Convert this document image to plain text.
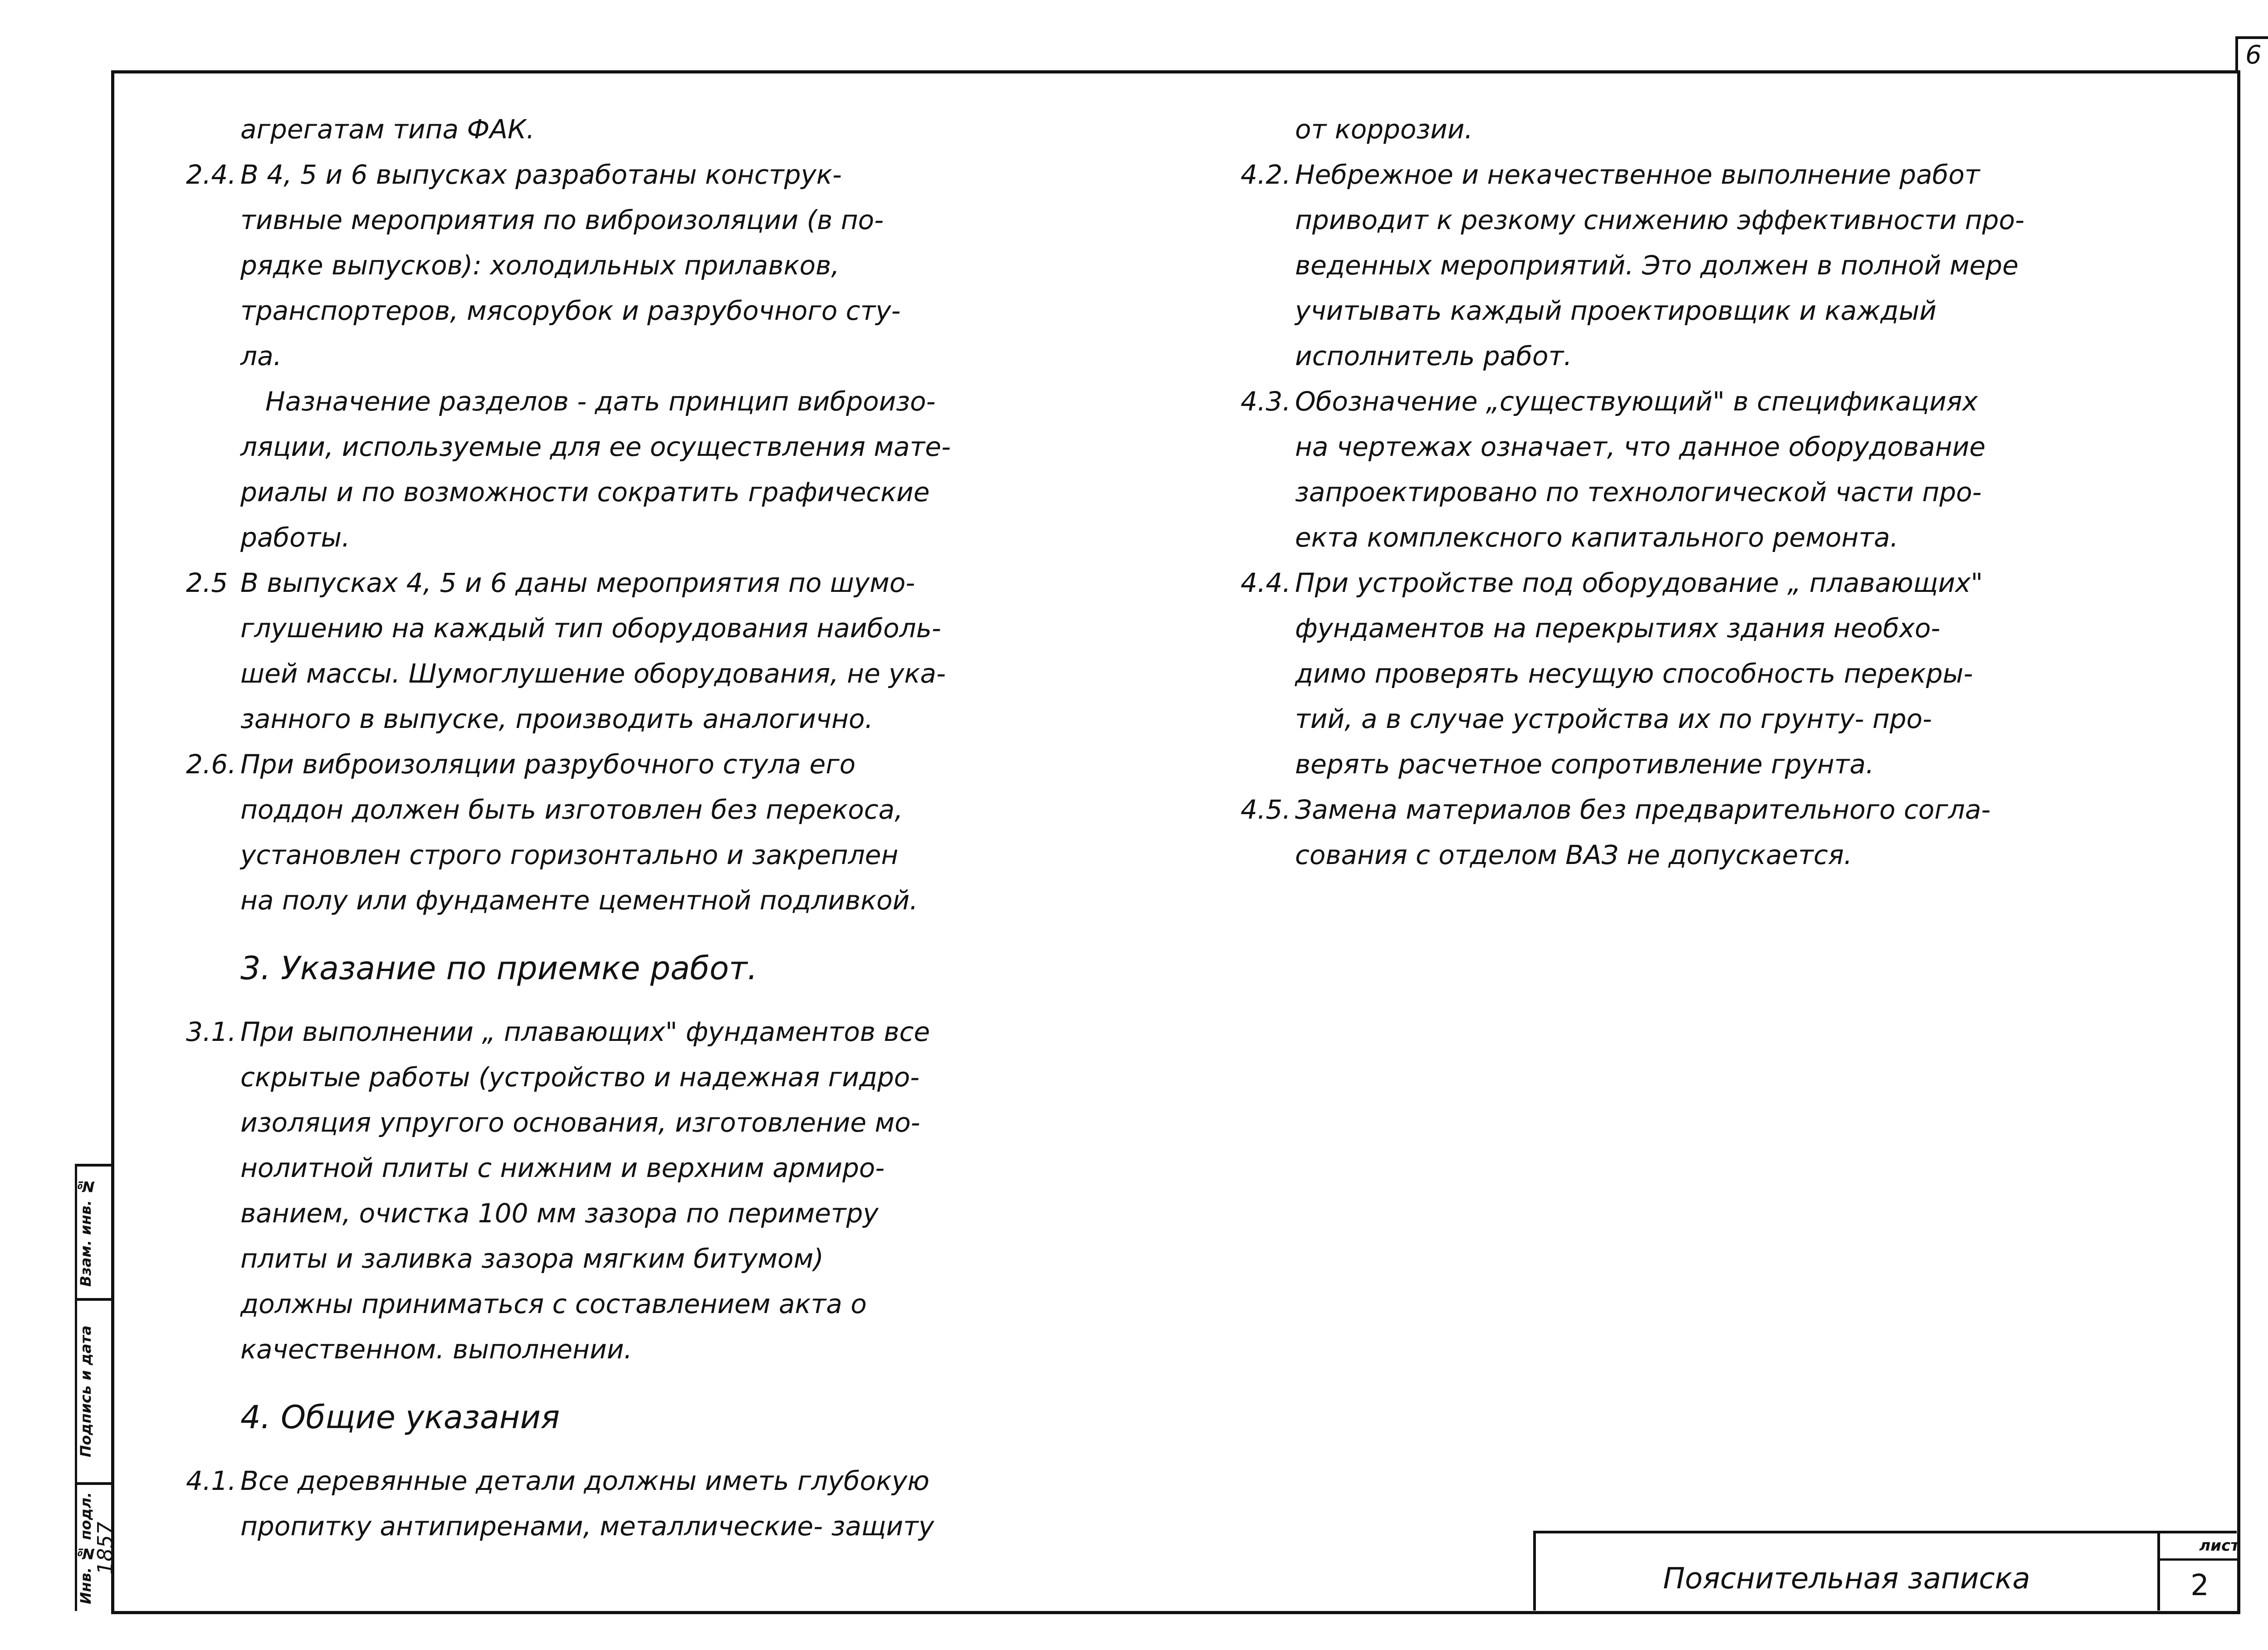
6
Взам. инв. №
Подпись и дата
Инв. № подл.
1857
агрегатам типа ФАК.
2.4. В 4, 5 и 6 выпусках разработаны конструк-
тивные мероприятия по виброизоляции (в по-
рядке выпусков): холодильных прилавков,
транспортеров, мясорубок и разрубочного сту-
ла.
Назначение разделов - дать принцип виброизо-
ляции, используемые для ее осуществления мате-
риалы и по возможности сократить графические
работы.
2.5 В выпусках 4, 5 и 6 даны мероприятия по шумо-
глушению на каждый тип оборудования наиболь-
шей массы. Шумоглушение оборудования, не ука-
занного в выпуске, производить аналогично.
2.6. При виброизоляции разрубочного стула его
поддон должен быть изготовлен без перекоса,
установлен строго горизонтально и закреплен
на полу или фундаменте цементной подливкой.
3. Указание по приемке работ.
3.1. При выполнении „ плавающих" фундаментов все
скрытые работы (устройство и надежная гидро-
изоляция упругого основания, изготовление мо-
нолитной плиты с нижним и верхним армиро-
ванием, очистка 100 мм зазора по периметру
плиты и заливка зазора мягким битумом)
должны приниматься с составлением акта о
качественном. выполнении.
4. Общие указания
4.1. Все деревянные детали должны иметь глубокую
пропитку антипиренами, металлические- защиту
от коррозии.
4.2. Небрежное и некачественное выполнение работ
приводит к резкому снижению эффективности про-
веденных мероприятий. Это должен в полной мере
учитывать каждый проектировщик и каждый
исполнитель работ.
4.3. Обозначение „существующий" в спецификациях
на чертежах означает, что данное оборудование
запроектировано по технологической части про-
екта комплексного капитального ремонта.
4.4. При устройстве под оборудование „ плавающих"
фундаментов на перекрытиях здания необхо-
димо проверять несущую способность перекры-
тий, а в случае устройства их по грунту- про-
верять расчетное сопротивление грунта.
4.5. Замена материалов без предварительного согла-
сования с отделом ВАЗ не допускается.
Пояснительная записка
лист
2
